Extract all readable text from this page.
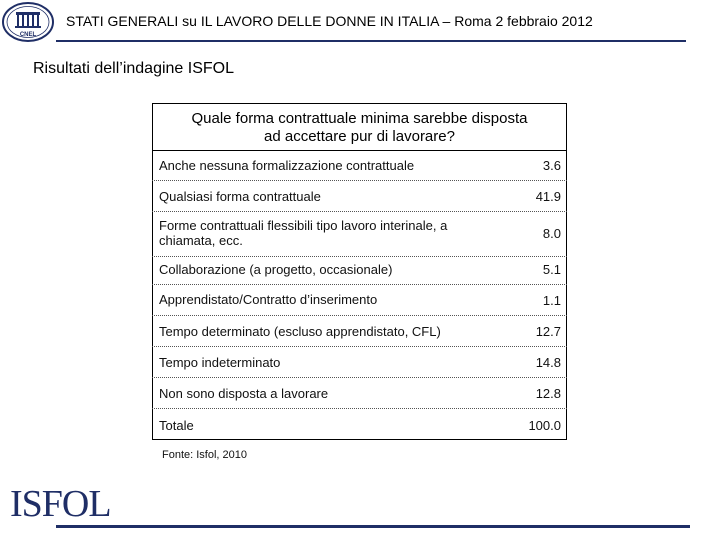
CNEL
STATI GENERALI su IL LAVORO DELLE DONNE IN ITALIA – Roma 2 febbraio 2012
Risultati dell’indagine ISFOL
Quale forma contrattuale minima sarebbe disposta
ad accettare pur di lavorare?
Anche nessuna formalizzazione contrattuale	3.6
Qualsiasi forma contrattuale	41.9
Forme contrattuali flessibili tipo lavoro interinale, a chiamata, ecc.	8.0
Collaborazione (a progetto, occasionale)	5.1
Apprendistato/Contratto d’inserimento	1.1
Tempo determinato (escluso apprendistato, CFL)	12.7
Tempo indeterminato	14.8
Non sono disposta a lavorare	12.8
Totale	100.0
Fonte: Isfol, 2010
ISFOL
